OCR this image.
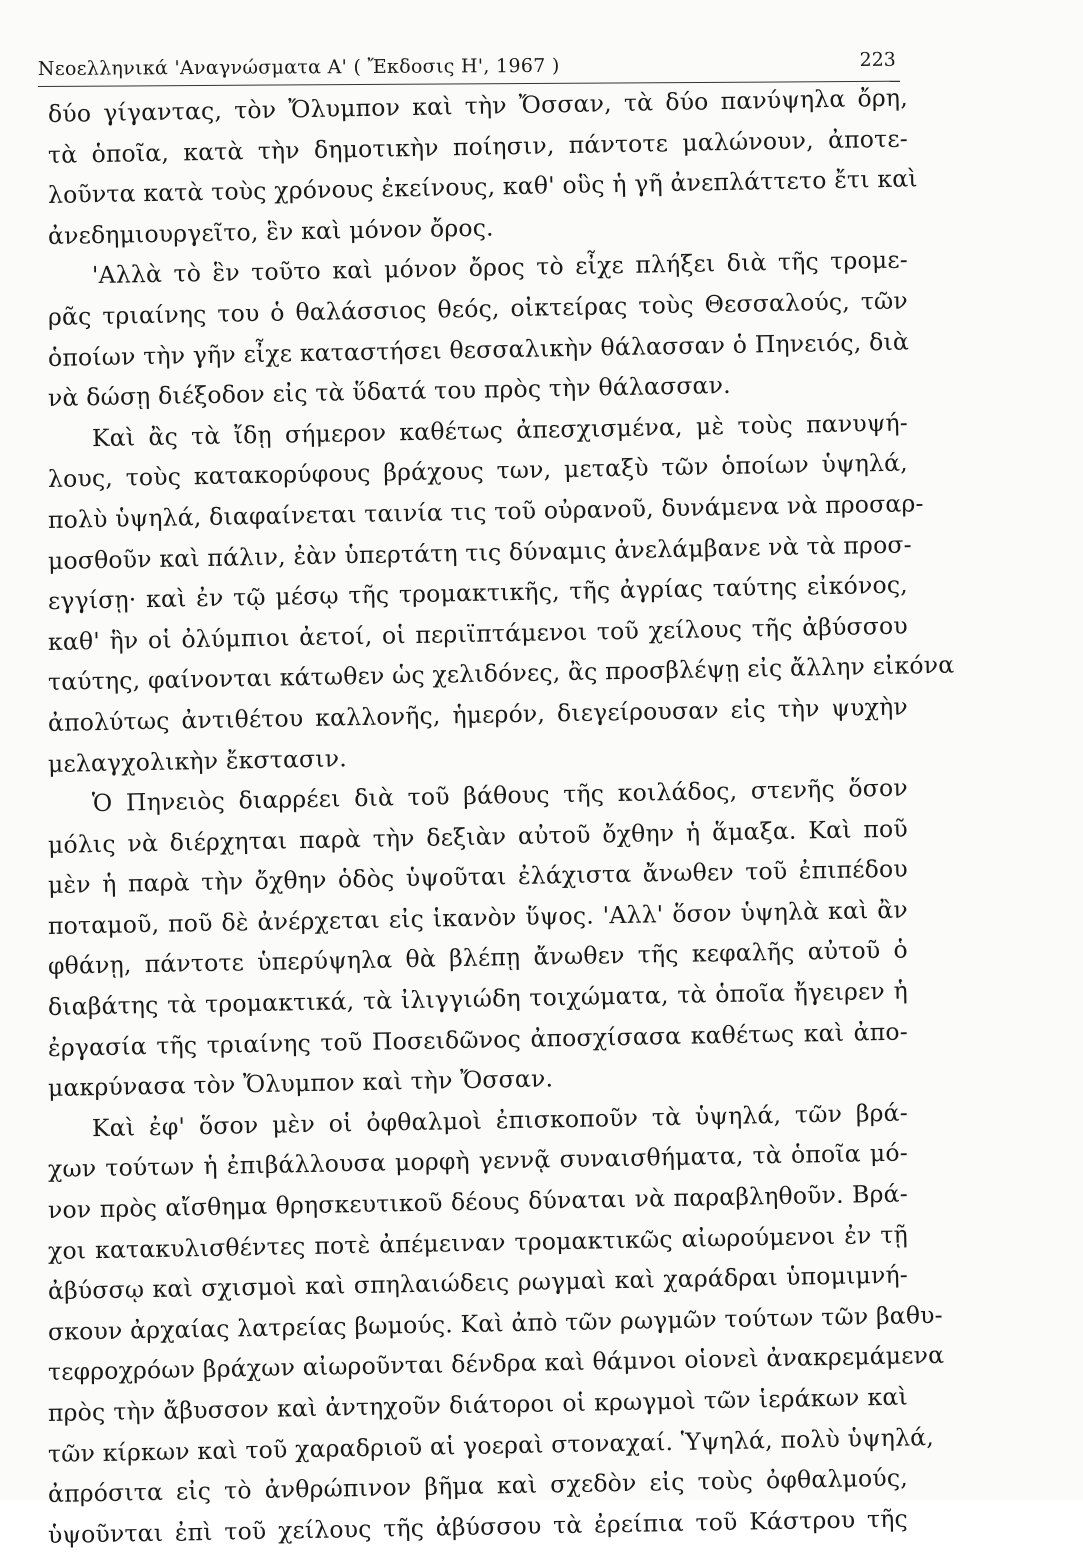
Νεοελληνικά 'Αναγνώσματα Α' ( Ἔκδοσις Η', 1967 )	223
δύο γίγαντας, τὸν Ὄλυμπον καὶ τὴν Ὄσσαν, τὰ δύο πανύψηλα ὄρη,
τὰ ὁποῖα, κατὰ τὴν δημοτικὴν ποίησιν, πάντοτε μαλώνουν, ἀποτε-
λοῦντα κατὰ τοὺς χρόνους ἐκείνους, καθ' οὓς ἡ γῆ ἀνεπλάττετο ἔτι καὶ
ἀνεδημιουργεῖτο, ἓν καὶ μόνον ὄρος.
'Αλλὰ τὸ ἓν τοῦτο καὶ μόνον ὄρος τὸ εἶχε πλήξει διὰ τῆς τρομε-
ρᾶς τριαίνης του ὁ θαλάσσιος θεός, οἰκτείρας τοὺς Θεσσαλούς, τῶν
ὁποίων τὴν γῆν εἶχε καταστήσει θεσσαλικὴν θάλασσαν ὁ Πηνειός, διὰ
νὰ δώσῃ διέξοδον εἰς τὰ ὕδατά του πρὸς τὴν θάλασσαν.
Καὶ ἂς τὰ ἴδῃ σήμερον καθέτως ἀπεσχισμένα, μὲ τοὺς πανυψή-
λους, τοὺς κατακορύφους βράχους των, μεταξὺ τῶν ὁποίων ὑψηλά,
πολὺ ὑψηλά, διαφαίνεται ταινία τις τοῦ οὐρανοῦ, δυνάμενα νὰ προσαρ-
μοσθοῦν καὶ πάλιν, ἐὰν ὑπερτάτη τις δύναμις ἀνελάμβανε νὰ τὰ προσ-
εγγίσῃ· καὶ ἐν τῷ μέσῳ τῆς τρομακτικῆς, τῆς ἀγρίας ταύτης εἰκόνος,
καθ' ἣν οἱ ὀλύμπιοι ἀετοί, οἱ περιϊπτάμενοι τοῦ χείλους τῆς ἀβύσσου
ταύτης, φαίνονται κάτωθεν ὡς χελιδόνες, ἂς προσβλέψῃ εἰς ἄλλην εἰκόνα
ἀπολύτως ἀντιθέτου καλλονῆς, ἡμερόν, διεγείρουσαν εἰς τὴν ψυχὴν
μελαγχολικὴν ἔκστασιν.
Ὁ Πηνειὸς διαρρέει διὰ τοῦ βάθους τῆς κοιλάδος, στενῆς ὅσον
μόλις νὰ διέρχηται παρὰ τὴν δεξιὰν αὐτοῦ ὄχθην ἡ ἅμαξα. Καὶ ποῦ
μὲν ἡ παρὰ τὴν ὄχθην ὁδὸς ὑψοῦται ἐλάχιστα ἄνωθεν τοῦ ἐπιπέδου
ποταμοῦ, ποῦ δὲ ἀνέρχεται εἰς ἱκανὸν ὕψος. 'Αλλ' ὅσον ὑψηλὰ καὶ ἂν
φθάνῃ, πάντοτε ὑπερύψηλα θὰ βλέπῃ ἄνωθεν τῆς κεφαλῆς αὐτοῦ ὁ
διαβάτης τὰ τρομακτικά, τὰ ἰλιγγιώδη τοιχώματα, τὰ ὁποῖα ἤγειρεν ἡ
ἐργασία τῆς τριαίνης τοῦ Ποσειδῶνος ἀποσχίσασα καθέτως καὶ ἀπο-
μακρύνασα τὸν Ὄλυμπον καὶ τὴν Ὄσσαν.
Καὶ ἐφ' ὅσον μὲν οἱ ὀφθαλμοὶ ἐπισκοποῦν τὰ ὑψηλά, τῶν βρά-
χων τούτων ἡ ἐπιβάλλουσα μορφὴ γεννᾷ συναισθήματα, τὰ ὁποῖα μό-
νον πρὸς αἴσθημα θρησκευτικοῦ δέους δύναται νὰ παραβληθοῦν. Βρά-
χοι κατακυλισθέντες ποτὲ ἀπέμειναν τρομακτικῶς αἰωρούμενοι ἐν τῇ
ἀβύσσῳ καὶ σχισμοὶ καὶ σπηλαιώδεις ρωγμαὶ καὶ χαράδραι ὑπομιμνή-
σκουν ἀρχαίας λατρείας βωμούς. Καὶ ἀπὸ τῶν ρωγμῶν τούτων τῶν βαθυ-
τεφροχρόων βράχων αἰωροῦνται δένδρα καὶ θάμνοι οἱονεὶ ἀνακρεμάμενα
πρὸς τὴν ἄβυσσον καὶ ἀντηχοῦν διάτοροι οἱ κρωγμοὶ τῶν ἱεράκων καὶ
τῶν κίρκων καὶ τοῦ χαραδριοῦ αἱ γοεραὶ στοναχαί. Ὑψηλά, πολὺ ὑψηλά,
ἀπρόσιτα εἰς τὸ ἀνθρώπινον βῆμα καὶ σχεδὸν εἰς τοὺς ὀφθαλμούς,
ὑψοῦνται ἐπὶ τοῦ χείλους τῆς ἀβύσσου τὰ ἐρείπια τοῦ Κάστρου τῆς
